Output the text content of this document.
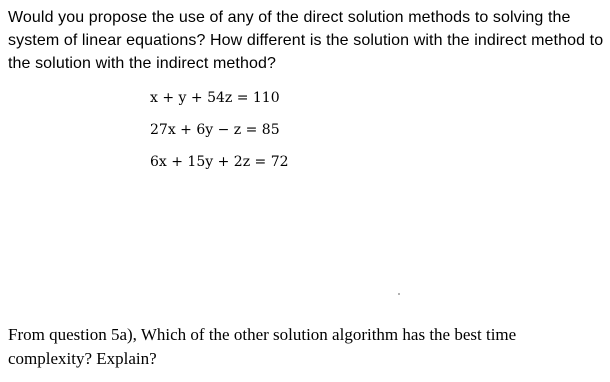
Would you propose the use of any of the direct solution methods to solving the system of linear equations? How different is the solution with the indirect method to the solution with the indirect method?
x + y + 54z = 110
27x + 6y − z = 85
6x + 15y + 2z = 72
From question 5a), Which of the other solution algorithm has the best time complexity? Explain?
